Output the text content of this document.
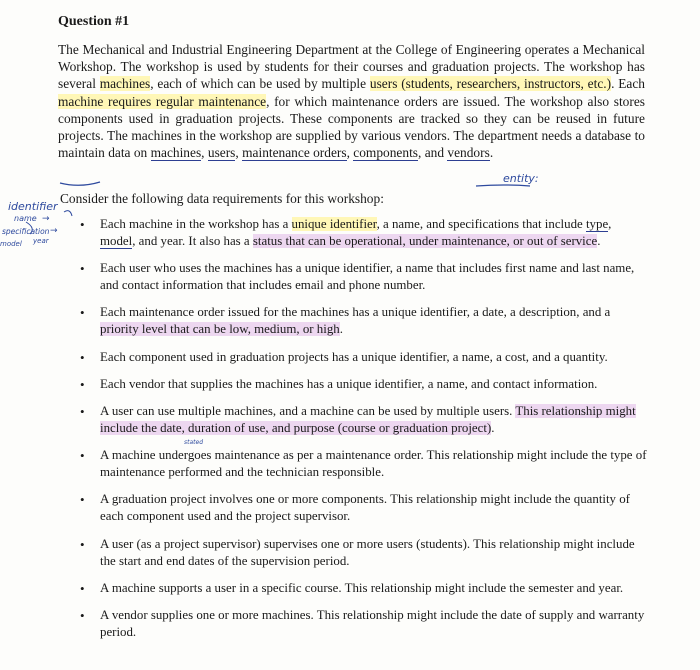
Question #1
The Mechanical and Industrial Engineering Department at the College of Engineering operates a Mechanical Workshop. The workshop is used by students for their courses and graduation projects. The workshop has several machines, each of which can be used by multiple users (students, researchers, instructors, etc.). Each machine requires regular maintenance, for which maintenance orders are issued. The workshop also stores components used in graduation projects. These components are tracked so they can be reused in future projects. The machines in the workshop are supplied by various vendors. The department needs a database to maintain data on machines, users, maintenance orders, components, and vendors.
Consider the following data requirements for this workshop:
• Each machine in the workshop has a unique identifier, a name, and specifications that include type, model, and year. It also has a status that can be operational, under maintenance, or out of service.
• Each user who uses the machines has a unique identifier, a name that includes first name and last name, and contact information that includes email and phone number.
• Each maintenance order issued for the machines has a unique identifier, a date, a description, and a priority level that can be low, medium, or high.
• Each component used in graduation projects has a unique identifier, a name, a cost, and a quantity.
• Each vendor that supplies the machines has a unique identifier, a name, and contact information.
• A user can use multiple machines, and a machine can be used by multiple users. This relationship might include the date, duration of use, and purpose (course or graduation project).
• A machine undergoes maintenance as per a maintenance order. This relationship might include the type of maintenance performed and the technician responsible.
• A graduation project involves one or more components. This relationship might include the quantity of each component used and the project supervisor.
• A user (as a project supervisor) supervises one or more users (students). This relationship might include the start and end dates of the supervision period.
• A machine supports a user in a specific course. This relationship might include the semester and year.
• A vendor supplies one or more machines. This relationship might include the date of supply and warranty period.
entity:
identifier
name
specification
model year
→
→
stated
